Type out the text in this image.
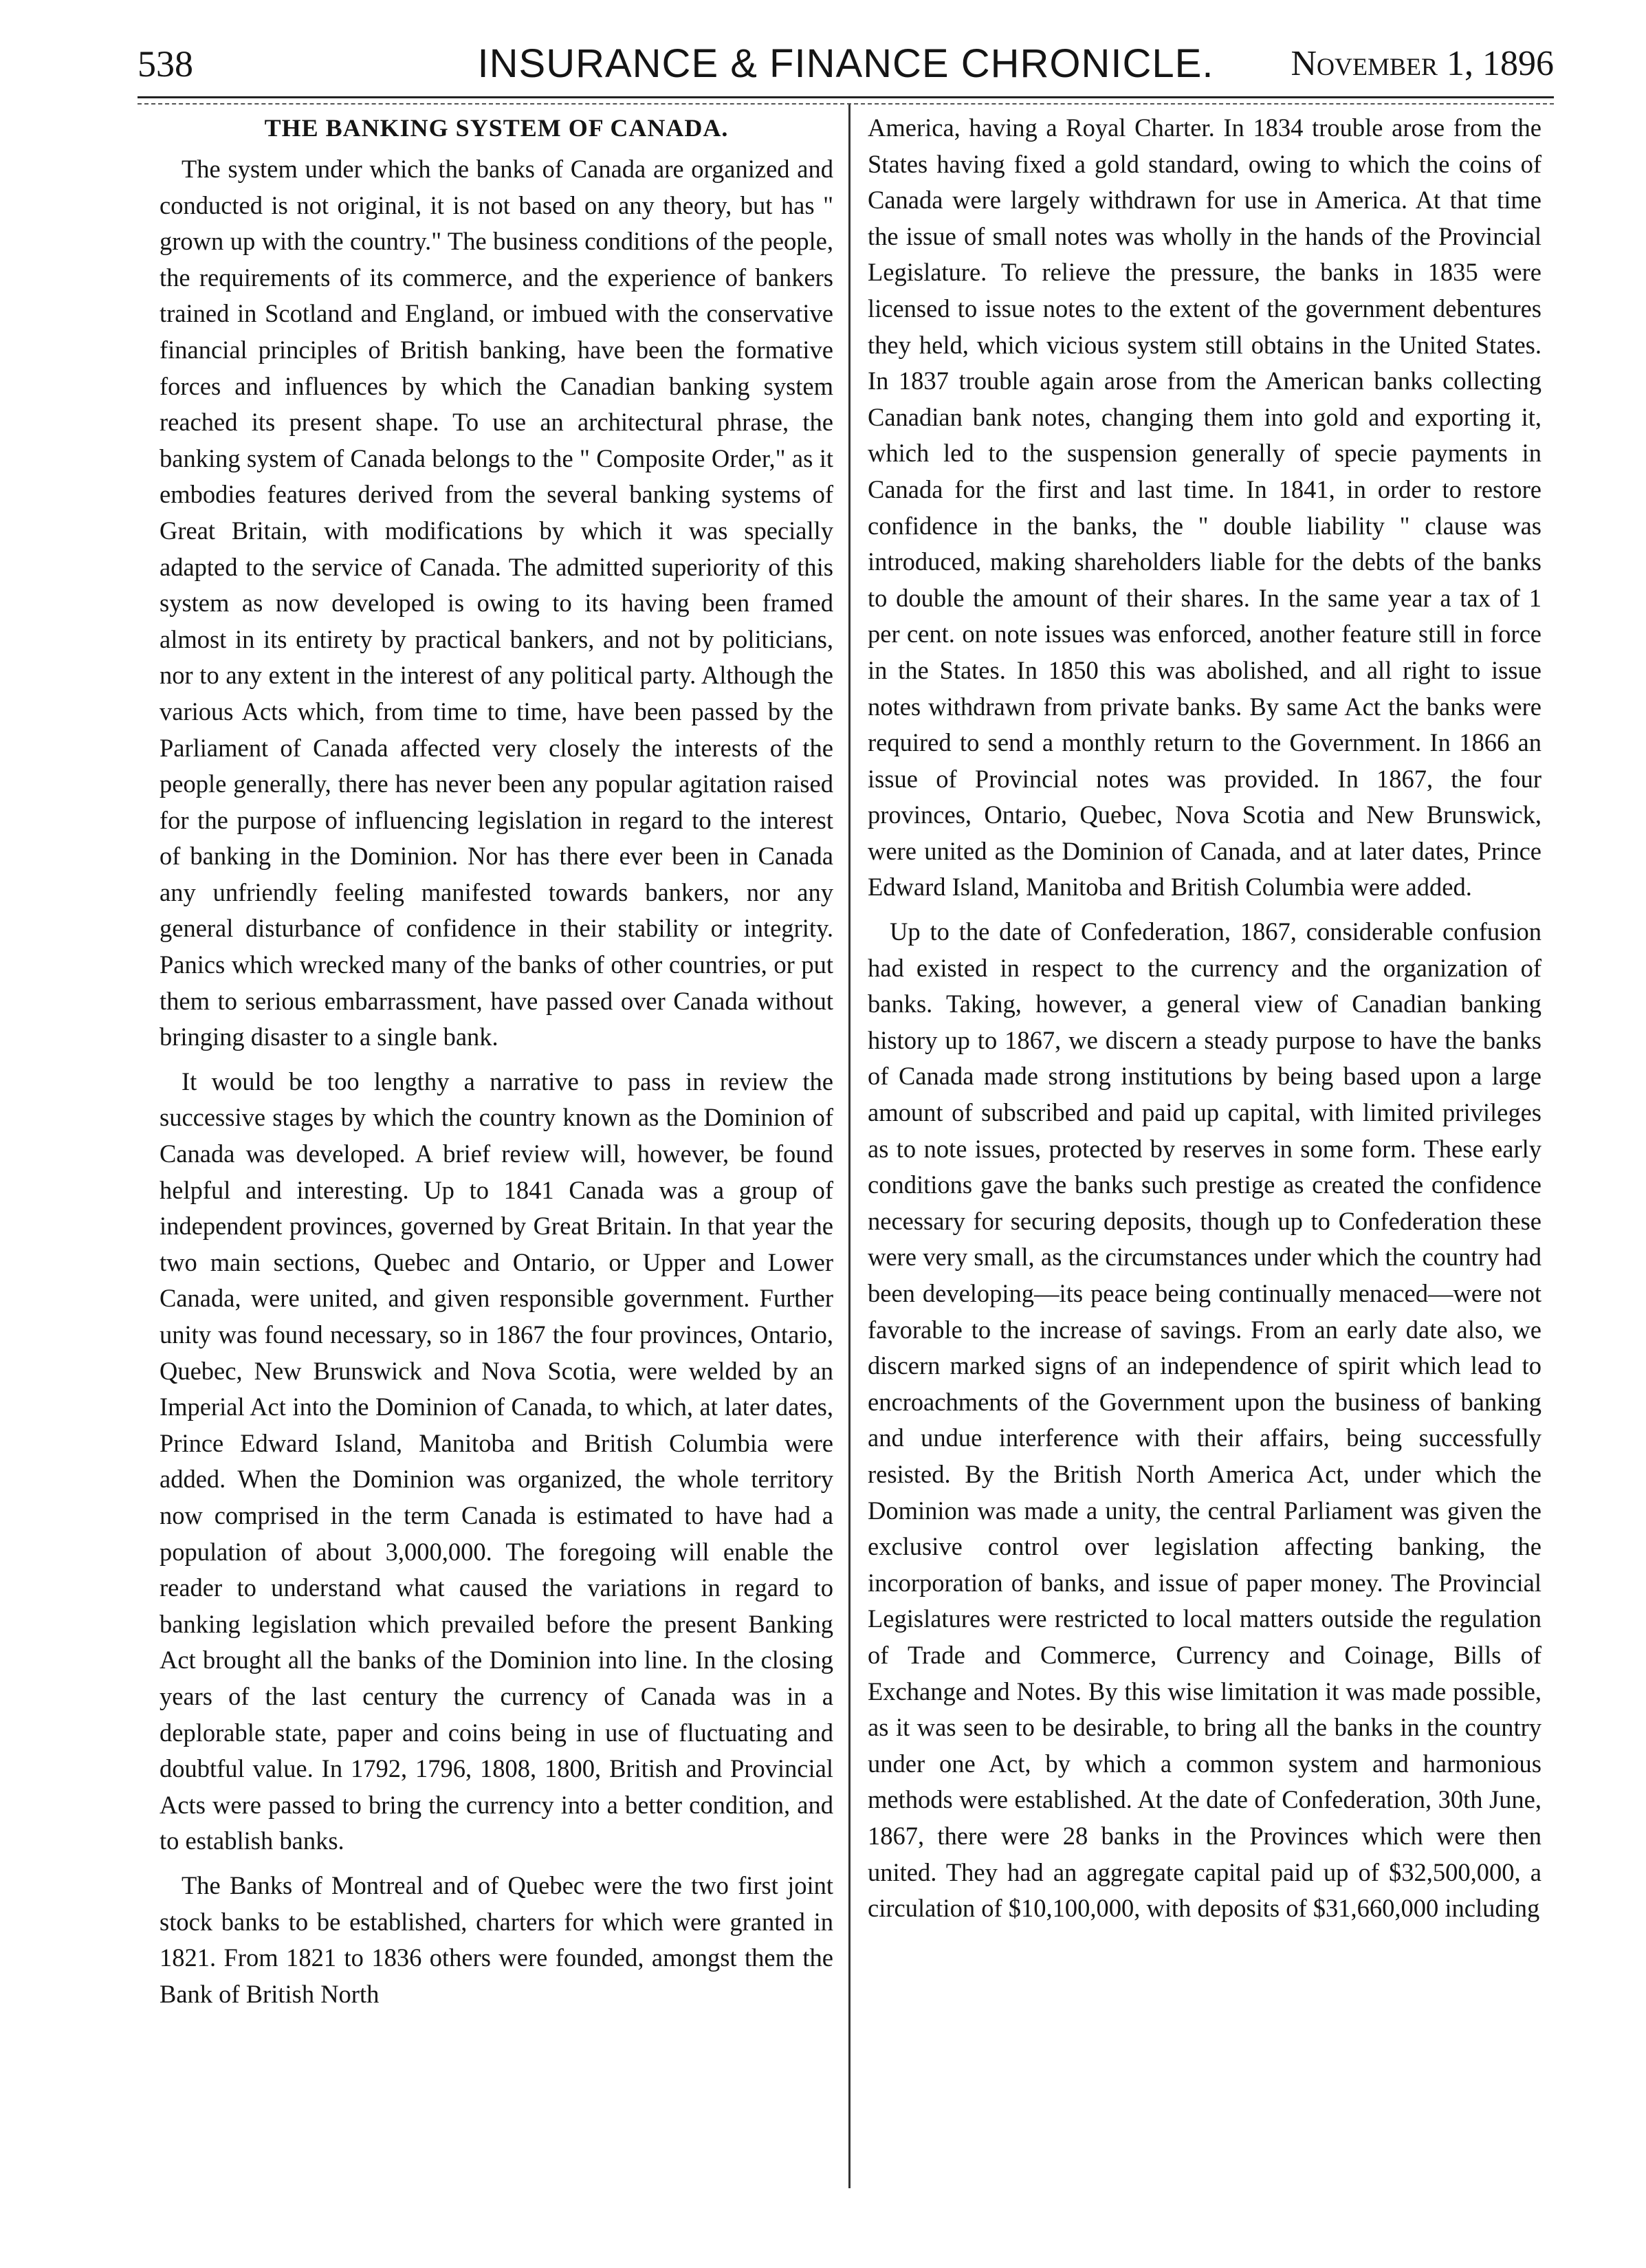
538	INSURANCE & FINANCE CHRONICLE.	November 1, 1896
THE BANKING SYSTEM OF CANADA.

The system under which the banks of Canada are organized and conducted is not original, it is not based on any theory, but has " grown up with the country." The business conditions of the people, the requirements of its commerce, and the experience of bankers trained in Scotland and England, or imbued with the conservative financial principles of British banking, have been the formative forces and influences by which the Canadian banking system reached its present shape. To use an architectural phrase, the banking system of Canada belongs to the " Composite Order," as it embodies features derived from the several banking systems of Great Britain, with modifications by which it was specially adapted to the service of Canada. The admitted superiority of this system as now developed is owing to its having been framed almost in its entirety by practical bankers, and not by politicians, nor to any extent in the interest of any political party. Although the various Acts which, from time to time, have been passed by the Parliament of Canada affected very closely the interests of the people generally, there has never been any popular agitation raised for the purpose of influencing legislation in regard to the interest of banking in the Dominion. Nor has there ever been in Canada any unfriendly feeling manifested towards bankers, nor any general disturbance of confidence in their stability or integrity. Panics which wrecked many of the banks of other countries, or put them to serious embarrassment, have passed over Canada without bringing disaster to a single bank.

It would be too lengthy a narrative to pass in review the successive stages by which the country known as the Dominion of Canada was developed. A brief review will, however, be found helpful and interesting. Up to 1841 Canada was a group of independent provinces, governed by Great Britain. In that year the two main sections, Quebec and Ontario, or Upper and Lower Canada, were united, and given responsible government. Further unity was found necessary, so in 1867 the four provinces, Ontario, Quebec, New Brunswick and Nova Scotia, were welded by an Imperial Act into the Dominion of Canada, to which, at later dates, Prince Edward Island, Manitoba and British Columbia were added. When the Dominion was organized, the whole territory now comprised in the term Canada is estimated to have had a population of about 3,000,000. The foregoing will enable the reader to understand what caused the variations in regard to banking legislation which prevailed before the present Banking Act brought all the banks of the Dominion into line. In the closing years of the last century the currency of Canada was in a deplorable state, paper and coins being in use of fluctuating and doubtful value. In 1792, 1796, 1808, 1800, British and Provincial Acts were passed to bring the currency into a better condition, and to establish banks.

The Banks of Montreal and of Quebec were the two first joint stock banks to be established, charters for which were granted in 1821. From 1821 to 1836 others were founded, amongst them the Bank of British North

America, having a Royal Charter. In 1834 trouble arose from the States having fixed a gold standard, owing to which the coins of Canada were largely withdrawn for use in America. At that time the issue of small notes was wholly in the hands of the Provincial Legislature. To relieve the pressure, the banks in 1835 were licensed to issue notes to the extent of the government debentures they held, which vicious system still obtains in the United States. In 1837 trouble again arose from the American banks collecting Canadian bank notes, changing them into gold and exporting it, which led to the suspension generally of specie payments in Canada for the first and last time. In 1841, in order to restore confidence in the banks, the " double liability " clause was introduced, making shareholders liable for the debts of the banks to double the amount of their shares. In the same year a tax of 1 per cent. on note issues was enforced, another feature still in force in the States. In 1850 this was abolished, and all right to issue notes withdrawn from private banks. By same Act the banks were required to send a monthly return to the Government. In 1866 an issue of Provincial notes was provided. In 1867, the four provinces, Ontario, Quebec, Nova Scotia and New Brunswick, were united as the Dominion of Canada, and at later dates, Prince Edward Island, Manitoba and British Columbia were added.

Up to the date of Confederation, 1867, considerable confusion had existed in respect to the currency and the organization of banks. Taking, however, a general view of Canadian banking history up to 1867, we discern a steady purpose to have the banks of Canada made strong institutions by being based upon a large amount of subscribed and paid up capital, with limited privileges as to note issues, protected by reserves in some form. These early conditions gave the banks such prestige as created the confidence necessary for securing deposits, though up to Confederation these were very small, as the circumstances under which the country had been developing—its peace being continually menaced—were not favorable to the increase of savings. From an early date also, we discern marked signs of an independence of spirit which lead to encroachments of the Government upon the business of banking and undue interference with their affairs, being successfully resisted. By the British North America Act, under which the Dominion was made a unity, the central Parliament was given the exclusive control over legislation affecting banking, the incorporation of banks, and issue of paper money. The Provincial Legislatures were restricted to local matters outside the regulation of Trade and Commerce, Currency and Coinage, Bills of Exchange and Notes. By this wise limitation it was made possible, as it was seen to be desirable, to bring all the banks in the country under one Act, by which a common system and harmonious methods were established. At the date of Confederation, 30th June, 1867, there were 28 banks in the Provinces which were then united. They had an aggregate capital paid up of $32,500,000, a circulation of $10,100,000, with deposits of $31,660,000 including
